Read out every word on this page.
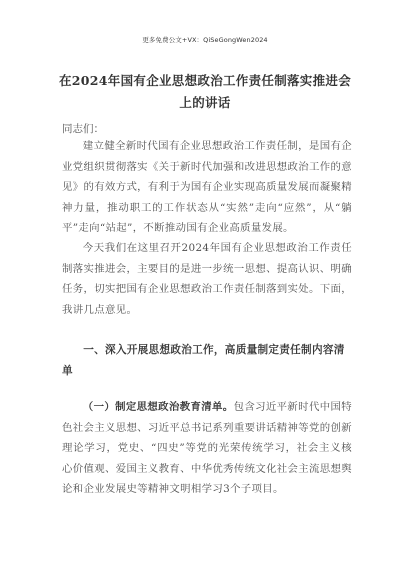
更多免费公文+VX：QiSeGongWen2024
在2024年国有企业思想政治工作责任制落实推进会上的讲话
同志们：

建立健全新时代国有企业思想政治工作责任制，是国有企业党组织贯彻落实《关于新时代加强和改进思想政治工作的意见》的有效方式，有利于为国有企业实现高质量发展而凝聚精神力量，推动职工的工作状态从“实然”走向“应然”，从“躺平”走向“站起”，不断推动国有企业高质量发展。

今天我们在这里召开2024年国有企业思想政治工作责任制落实推进会，主要目的是进一步统一思想、提高认识、明确任务，切实把国有企业思想政治工作责任制落到实处。下面，我讲几点意见。

一、深入开展思想政治工作，高质量制定责任制内容清单

（一）制定思想政治教育清单。包含习近平新时代中国特色社会主义思想、习近平总书记系列重要讲话精神等党的创新理论学习，党史、“四史”等党的光荣传统学习，社会主义核心价值观、爱国主义教育、中华优秀传统文化社会主流思想舆论和企业发展史等精神文明相学习3个子项目。
